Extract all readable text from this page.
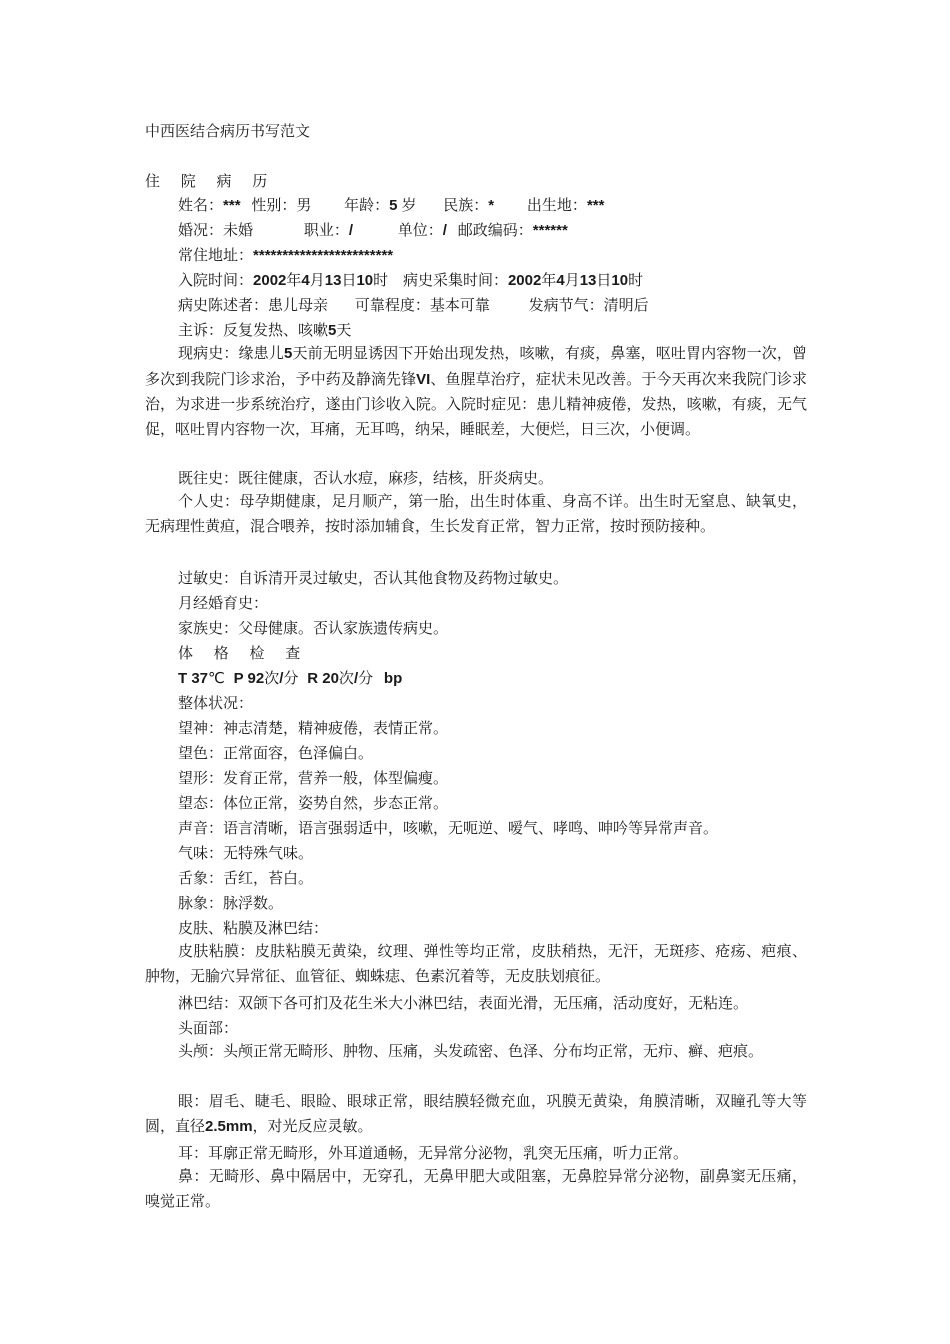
中西医结合病历书写范文
住 院 病 历
姓名：*** 性别：男 年龄：5 岁 民族：* 出生地：***
婚况：未婚	职业：/	单位：/ 邮政编码：******
常住地址：************************
入院时间：2002年4月13日10时 病史采集时间：2002年4月13日10时
病史陈述者：患儿母亲 可靠程度：基本可靠	发病节气：清明后
主诉：反复发热、咳嗽5天
现病史：缘患儿5天前无明显诱因下开始出现发热，咳嗽，有痰，鼻塞，呕吐胃内容物一次，曾多次到我院门诊求治，予中药及静滴先锋VI、鱼腥草治疗，症状未见改善。于今天再次来我院门诊求治，为求进一步系统治疗，遂由门诊收入院。入院时症见：患儿精神疲倦，发热，咳嗽，有痰，无气促，呕吐胃内容物一次，耳痛，无耳鸣，纳呆，睡眠差，大便烂，日三次，小便调。
既往史：既往健康，否认水痘，麻疹，结核，肝炎病史。
个人史：母孕期健康，足月顺产，第一胎，出生时体重、身高不详。出生时无窒息、缺氧史，无病理性黄疸，混合喂养，按时添加辅食，生长发育正常，智力正常，按时预防接种。
过敏史：自诉清开灵过敏史，否认其他食物及药物过敏史。
月经婚育史：
家族史：父母健康。否认家族遗传病史。
体 格 检 查
T 37℃ P 92次/分 R 20次/分 bp
整体状况：
望神：神志清楚，精神疲倦，表情正常。
望色：正常面容，色泽偏白。
望形：发育正常，营养一般，体型偏瘦。
望态：体位正常，姿势自然，步态正常。
声音：语言清晰，语言强弱适中，咳嗽，无呃逆、嗳气、哮鸣、呻吟等异常声音。
气味：无特殊气味。
舌象：舌红，苔白。
脉象：脉浮数。
皮肤、粘膜及淋巴结：
皮肤粘膜：皮肤粘膜无黄染，纹理、弹性等均正常，皮肤稍热，无汗，无斑疹、疮疡、疤痕、肿物，无腧穴异常征、血管征、蜘蛛痣、色素沉着等，无皮肤划痕征。
淋巴结：双颌下各可扪及花生米大小淋巴结，表面光滑，无压痛，活动度好，无粘连。
头面部：
头颅：头颅正常无畸形、肿物、压痛，头发疏密、色泽、分布均正常，无疖、癣、疤痕。
眼：眉毛、睫毛、眼睑、眼球正常，眼结膜轻微充血，巩膜无黄染，角膜清晰，双瞳孔等大等圆，直径2.5mm，对光反应灵敏。
耳：耳廓正常无畸形，外耳道通畅，无异常分泌物，乳突无压痛，听力正常。
鼻：无畸形、鼻中隔居中，无穿孔，无鼻甲肥大或阻塞，无鼻腔异常分泌物，副鼻窦无压痛，嗅觉正常。
